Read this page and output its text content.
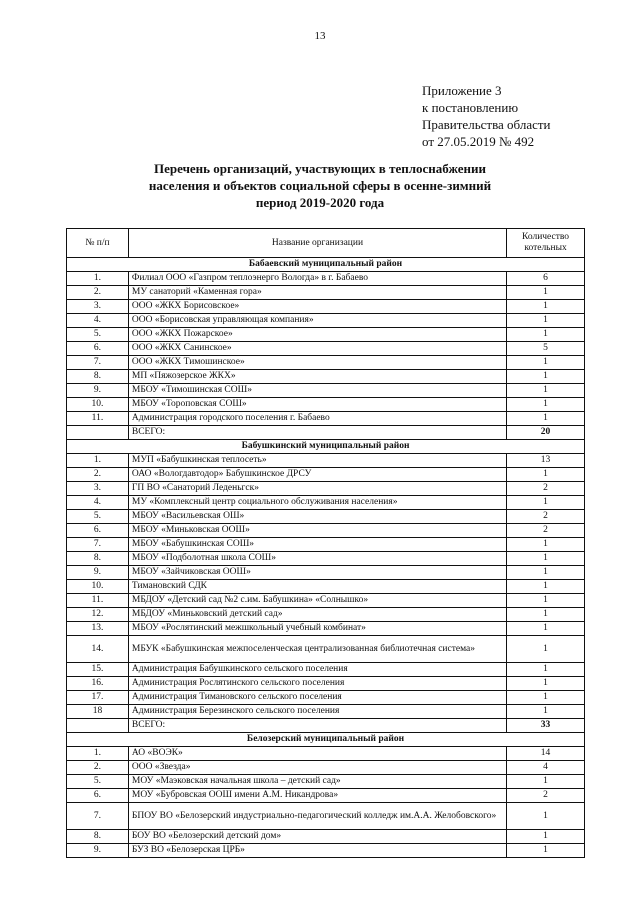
13
Приложение 3
к постановлению
Правительства области
от 27.05.2019 № 492
Перечень организаций, участвующих в теплоснабжении
населения и объектов социальной сферы в осенне-зимний
период 2019-2020 года
№ п/п	Название организации	Количество котельных
Бабаевский муниципальный район		
1.	Филиал ООО «Газпром теплоэнерго Вологда» в г. Бабаево	6
2.	МУ санаторий «Каменная гора»	1
3.	ООО «ЖКХ Борисовское»	1
4.	ООО «Борисовская управляющая компания»	1
5.	ООО «ЖКХ Пожарское»	1
6.	ООО «ЖКХ Санинское»	5
7.	ООО «ЖКХ Тимошинское»	1
8.	МП «Пяжозерское ЖКХ»	1
9.	МБОУ «Тимошинская СОШ»	1
10.	МБОУ «Тороповская СОШ»	1
11.	Администрация городского поселения г. Бабаево	1
	ВСЕГО:	20
Бабушкинский муниципальный район		
1.	МУП «Бабушкинская теплосеть»	13
2.	ОАО «Вологдавтодор» Бабушкинское ДРСУ	1
3.	ГП ВО «Санаторий Леденьгск»	2
4.	МУ «Комплексный центр социального обслуживания населения»	1
5.	МБОУ «Васильевская ОШ»	2
6.	МБОУ «Миньковская ООШ»	2
7.	МБОУ «Бабушкинская СОШ»	1
8.	МБОУ «Подболотная школа СОШ»	1
9.	МБОУ «Зайчиковская ООШ»	1
10.	Тимановский СДК	1
11.	МБДОУ «Детский сад №2 с.им. Бабушкина» «Солнышко»	1
12.	МБДОУ «Миньковский детский сад»	1
13.	МБОУ «Рослятинский межшкольный учебный комбинат»	1
14.	МБУК «Бабушкинская межпоселенческая централизованная библиотечная система»	1
15.	Администрация Бабушкинского сельского поселения	1
16.	Администрация Рослятинского сельского поселения	1
17.	Администрация Тимановского сельского поселения	1
18	Администрация Березинского сельского поселения	1
	ВСЕГО:	33
Белозерский муниципальный район		
1.	АО «ВОЭК»	14
2.	ООО «Звезда»	4
5.	МОУ «Маэковская начальная школа – детский сад»	1
6.	МОУ «Бубровская ООШ имени А.М. Никандрова»	2
7.	БПОУ ВО «Белозерский индустриально-педагогический колледж им.А.А. Желобовского»	1
8.	БОУ ВО «Белозерский детский дом»	1
9.	БУЗ ВО «Белозерская ЦРБ»	1
